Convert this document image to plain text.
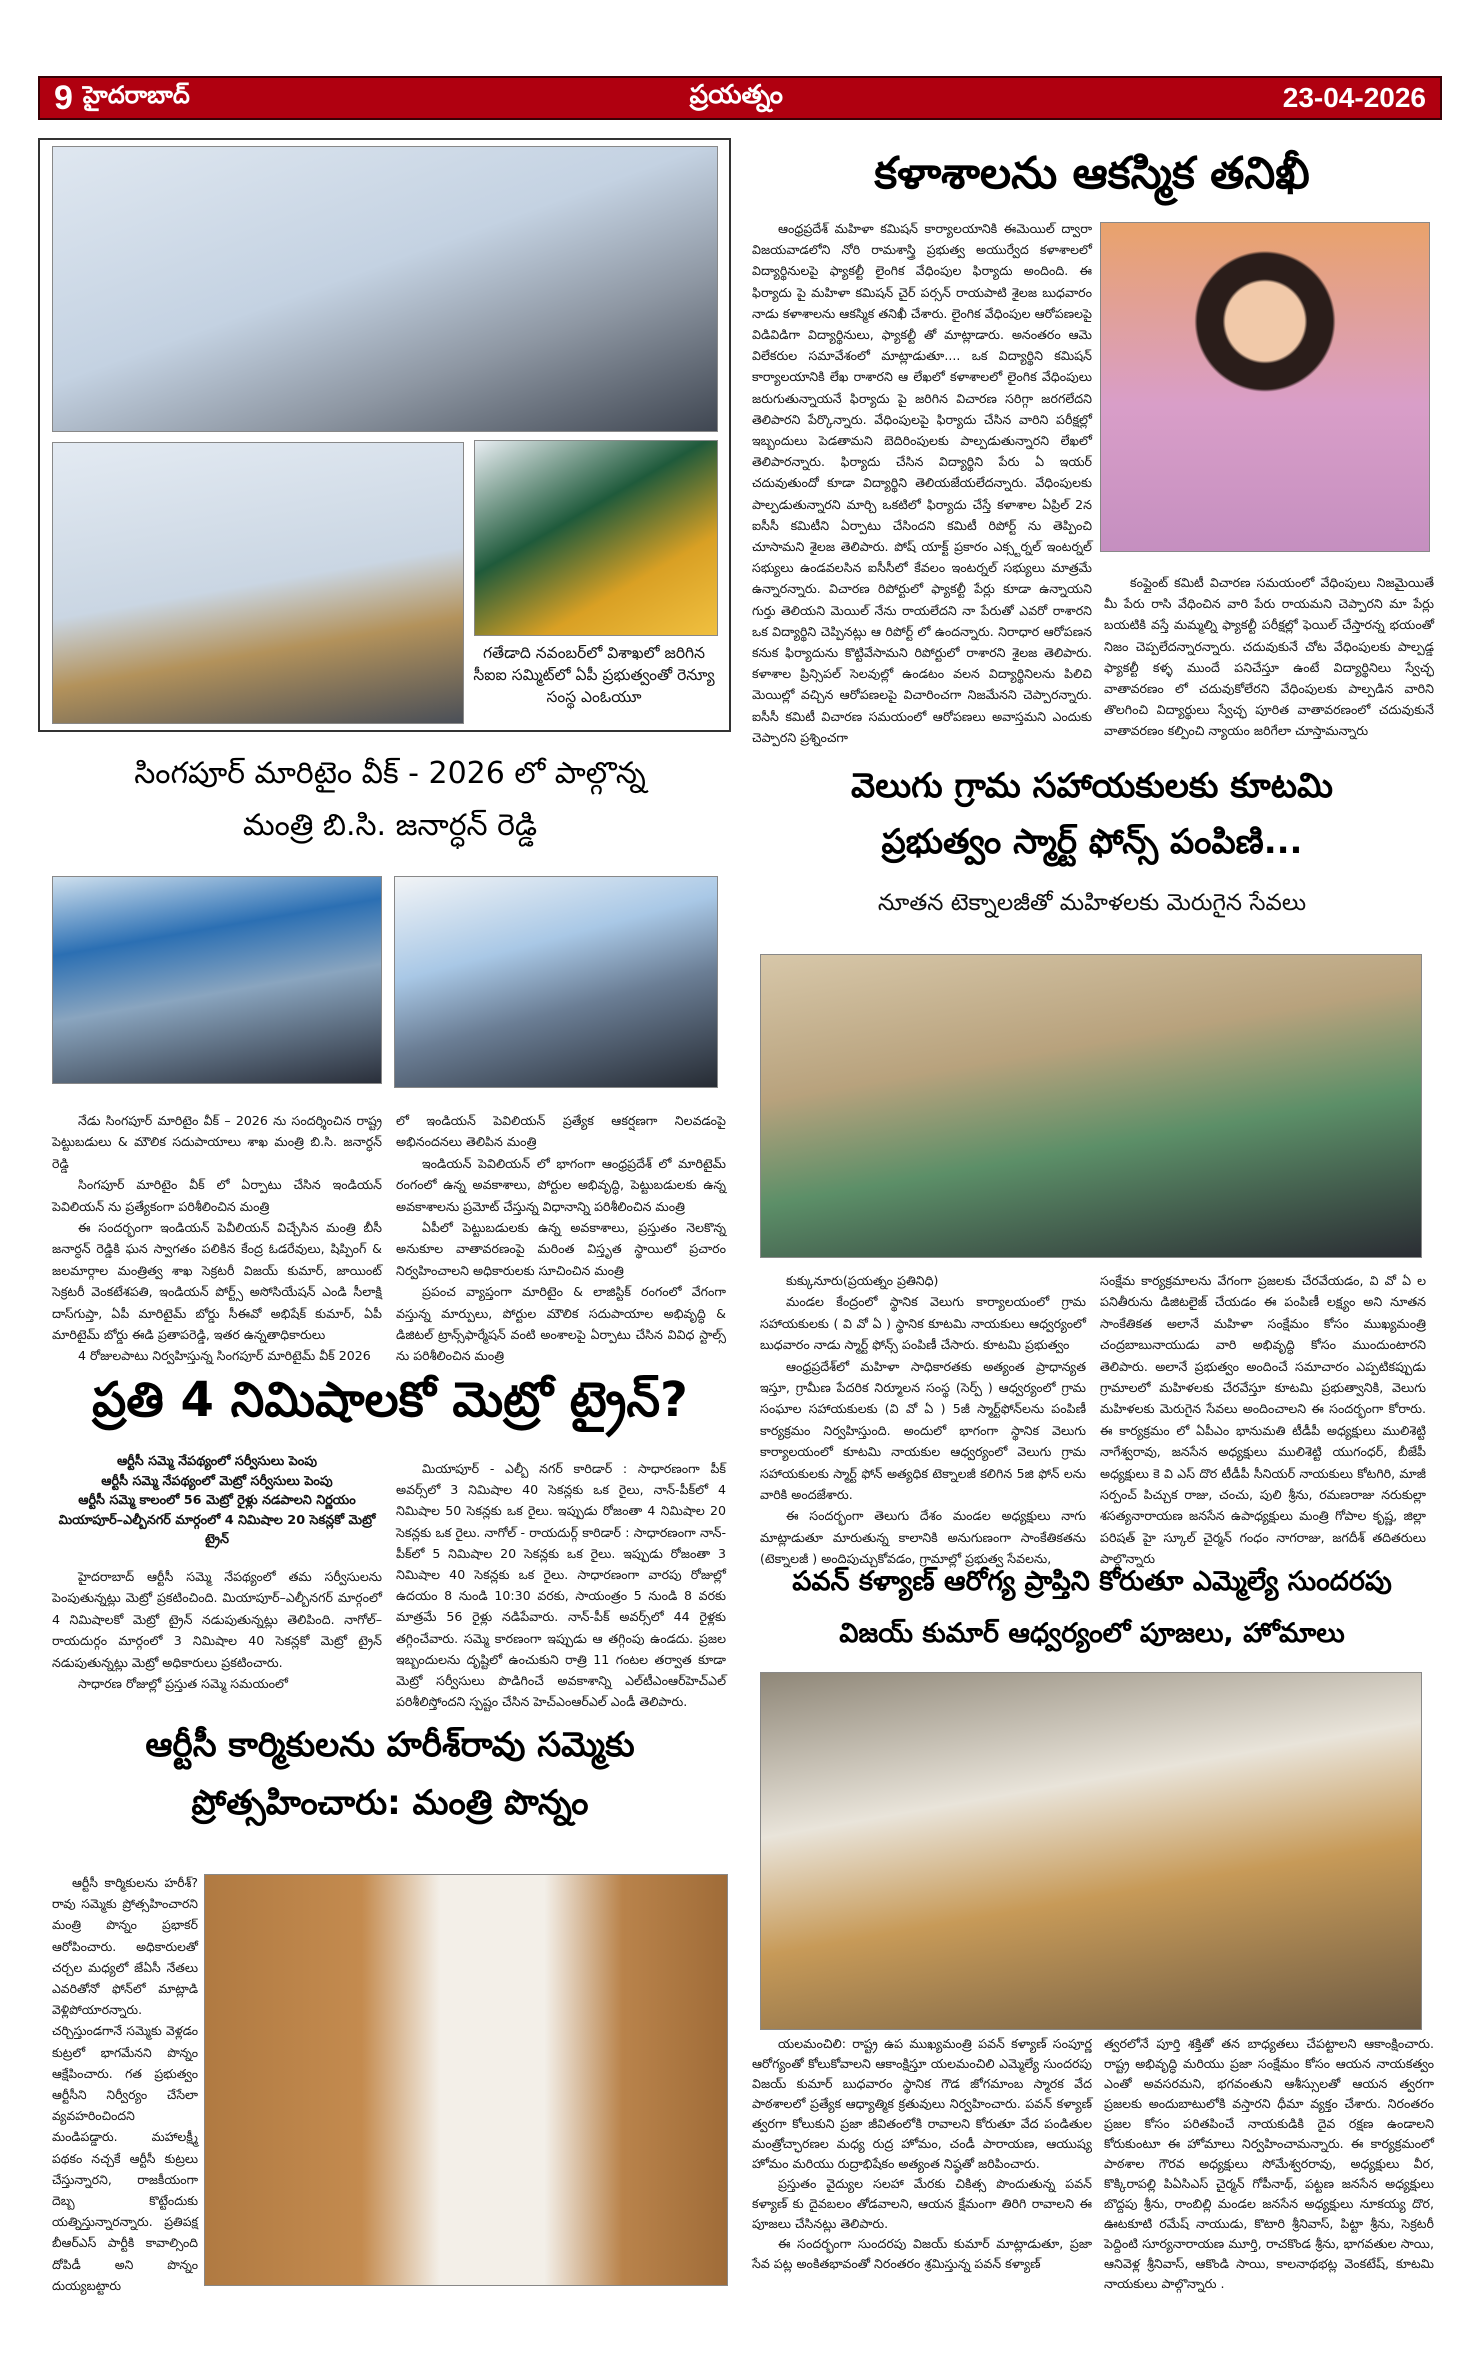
9 హైదరాబాద్	ప్రయత్నం	23-04-2026
గతేడాది నవంబర్‌లో విశాఖలో జరిగిన సీఐఐ సమ్మిట్‌లో ఏపీ ప్రభుత్వంతో రెన్యూ సంస్థ ఎంఓయూ
కళాశాలను ఆకస్మిక తనిఖీ
ఆంధ్రప్రదేశ్ మహిళా కమిషన్ కార్యాలయానికి ఈమెయిల్ ద్వారా విజయవాడలోని నోరి రామశాస్త్రి ప్రభుత్వ అయుర్వేద కళాశాలలో విద్యార్థినులపై ఫ్యాకల్టీ లైంగిక వేధింపుల ఫిర్యాదు అందింది. ఈ ఫిర్యాదు పై మహిళా కమిషన్ చైర్ పర్సన్ రాయపాటి శైలజ బుధవారం నాడు కళాశాలను ఆకస్మిక తనిఖీ చేశారు. లైంగిక వేధింపుల ఆరోపణలపై విడివిడిగా విద్యార్థినులు, ఫ్యాకల్టీ తో మాట్లాడారు. అనంతరం ఆమె విలేకరుల సమావేశంలో మాట్లాడుతూ.... ఒక విద్యార్థిని కమిషన్ కార్యాలయానికి లేఖ రాశారని ఆ లేఖలో కళాశాలలో లైంగిక వేధింపులు జరుగుతున్నాయనే ఫిర్యాదు పై జరిగిన విచారణ సరిగ్గా జరగలేదని తెలిపారని పేర్కొన్నారు. వేధింపులపై ఫిర్యాదు చేసిన వారిని పరీక్షల్లో ఇబ్బందులు పెడతామని బెదిరింపులకు పాల్పడుతున్నారని లేఖలో తెలిపారన్నారు. ఫిర్యాదు చేసిన విద్యార్థిని పేరు ఏ ఇయర్ చదువుతుందో కూడా విద్యార్థిని తెలియజేయలేదన్నారు. వేధింపులకు పాల్పడుతున్నారని మార్చి ఒకటిలో ఫిర్యాదు చేస్తే కళాశాల ఏప్రిల్ 2న ఐసీసీ కమిటీని ఏర్పాటు చేసిందని కమిటీ రిపోర్ట్ ను తెప్పించి చూసామని శైలజ తెలిపారు. పోష్ యాక్ట్ ప్రకారం ఎక్స్టర్నల్ ఇంటర్నల్ సభ్యులు ఉండవలసిన ఐసీసీలో కేవలం ఇంటర్నల్ సభ్యులు మాత్రమే ఉన్నారన్నారు. విచారణ రిపోర్టులో ఫ్యాకల్టీ పేర్లు కూడా ఉన్నాయని గుర్తు తెలియని మెయిల్ నేను రాయలేదని నా పేరుతో ఎవరో రాశారని ఒక విద్యార్థిని చెప్పినట్లు ఆ రిపోర్ట్ లో ఉందన్నారు. నిరాధార ఆరోపణన కనుక ఫిర్యాదును కొట్టివేసామని రిపోర్టులో రాశారని శైలజ తెలిపారు. కళాశాల ప్రిన్సిపల్ సెలవుల్లో ఉండటం వలన విద్యార్థినిలను పిలిచి మెయిల్లో వచ్చిన ఆరోపణలపై విచారించగా నిజమేనని చెప్పారన్నారు. ఐసీసీ కమిటీ విచారణ సమయంలో ఆరోపణలు అవాస్తమని ఎందుకు చెప్పారని ప్రశ్నించగా
కంప్లైంట్ కమిటీ విచారణ సమయంలో వేధింపులు నిజమైయితే మీ పేరు రాసి వేధించిన వారి పేరు రాయమని చెప్పారని మా పేర్లు బయటికి వస్తే మమ్మల్ని ఫ్యాకల్టీ పరీక్షల్లో ఫెయిల్ చేస్తారన్న భయంతో నిజం చెప్పలేదన్నారన్నారు. చదువుకునే చోట వేధింపులకు పాల్పడ్డ ఫ్యాకల్టీ కళ్ళ ముందే పనిచేస్తూ ఉంటే విద్యార్థినిలు స్వేచ్ఛ వాతావరణం లో చదువుకోలేరని వేధింపులకు పాల్పడిన వారిని తొలగించి విద్యార్థులు స్వేచ్ఛ పూరిత వాతావరణంలో చదువుకునే వాతావరణం కల్పించి న్యాయం జరిగేలా చూస్తామన్నారు
సింగపూర్ మారిటైం వీక్ - 2026 లో పాల్గొన్న
మంత్రి బి.సి. జనార్ధన్ రెడ్డి

నేడు సింగపూర్ మారిటైం వీక్ – 2026 ను సందర్శించిన రాష్ట్ర పెట్టుబడులు & మౌలిక సదుపాయాలు శాఖ మంత్రి బి.సి. జనార్ధన్ రెడ్డి

సింగపూర్ మారిటైం వీక్ లో ఏర్పాటు చేసిన ఇండియన్ పెవిలియన్ ను ప్రత్యేకంగా పరిశీలించిన మంత్రి

ఈ సందర్భంగా ఇండియన్ పెవీలియన్ విచ్చేసిన మంత్రి బీసీ జనార్ధన్ రెడ్డికి ఘన స్వాగతం పలికిన కేంద్ర ఓడరేవులు, షిప్పింగ్ & జలమార్గాల మంత్రిత్వ శాఖ సెక్రటరీ విజయ్ కుమార్, జాయింట్ సెక్రటరీ వెంకటేశపతి, ఇండియన్ పోర్ట్స్ అసోసియేషన్ ఎండి సీలాక్షి దాస్‌గుప్తా, ఏపీ మారిటైమ్ బోర్డు సీఈవో అభిషేక్ కుమార్, ఏపీ మారిటైమ్ బోర్డు ఈడి ప్రతాపరెడ్డి, ఇతర ఉన్నతాధికారులు

4 రోజులపాటు నిర్వహిస్తున్న సింగపూర్ మారిటైమ్ వీక్ 2026

లో ఇండియన్ పెవిలియన్ ప్రత్యేక ఆకర్షణగా నిలవడంపై అభినందనలు తెలిపిన మంత్రి

ఇండియన్ పెవిలియన్ లో భాగంగా ఆంధ్రప్రదేశ్ లో మారిటైమ్ రంగంలో ఉన్న అవకాశాలు, పోర్టుల అభివృద్ధి, పెట్టుబడులకు ఉన్న అవకాశాలను ప్రమోట్ చేస్తున్న విధానాన్ని పరిశీలించిన మంత్రి

ఏపీలో పెట్టుబడులకు ఉన్న అవకాశాలు, ప్రస్తుతం నెలకొన్న అనుకూల వాతావరణంపై మరింత విస్తృత స్థాయిలో ప్రచారం నిర్వహించాలని అధికారులకు సూచించిన మంత్రి

ప్రపంచ వ్యాప్తంగా మారిటైం & లాజిస్టిక్ రంగంలో వేగంగా వస్తున్న మార్పులు, పోర్టుల మౌలిక సదుపాయాల అభివృద్ధి & డిజిటల్ ట్రాన్స్‌ఫార్మేషన్ వంటి అంశాలపై ఏర్పాటు చేసిన వివిధ స్టాల్స్ ను పరిశీలించిన మంత్రి

ప్రతి 4 నిమిషాలకో మెట్రో ట్రైన్?
ఆర్టీసీ సమ్మె నేపథ్యంలో సర్వీసులు పెంపు
ఆర్టీసీ సమ్మె నేపథ్యంలో మెట్రో సర్వీసులు పెంపు
ఆర్టీసీ సమ్మె కాలంలో 56 మెట్రో రైళ్లు నడపాలని నిర్ణయం
మియాపూర్–ఎల్బీనగర్ మార్గంలో 4 నిమిషాల 20 సెకన్లకో మెట్రో ట్రైన్

హైదరాబాద్ ఆర్టీసీ సమ్మె నేపథ్యంలో తమ సర్వీసులను పెంపుతున్నట్లు మెట్రో ప్రకటించింది. మియాపూర్–ఎల్బీనగర్ మార్గంలో 4 నిమిషాలకో మెట్రో ట్రైన్ నడుపుతున్నట్లు తెలిపింది. నాగోల్–రాయదుర్గం మార్గంలో 3 నిమిషాల 40 సెకన్లకో మెట్రో ట్రైన్ నడుపుతున్నట్లు మెట్రో అధికారులు ప్రకటించారు.

సాధారణ రోజుల్లో ప్రస్తుత సమ్మె సమయంలో

మియాపూర్ - ఎల్బీ నగర్ కారిడార్ : సాధారణంగా పీక్ అవర్స్‌లో 3 నిమిషాల 40 సెకన్లకు ఒక రైలు, నాన్-పీక్‌లో 4 నిమిషాల 50 సెకన్లకు ఒక రైలు. ఇప్పుడు రోజంతా 4 నిమిషాల 20 సెకన్లకు ఒక రైలు. నాగోల్ - రాయదుర్గ్ కారిడార్ : సాధారణంగా నాన్-పీక్‌లో 5 నిమిషాల 20 సెకన్లకు ఒక రైలు. ఇప్పుడు రోజంతా 3 నిమిషాల 40 సెకన్లకు ఒక రైలు. సాధారణంగా వారపు రోజుల్లో ఉదయం 8 నుండి 10:30 వరకు, సాయంత్రం 5 నుండి 8 వరకు మాత్రమే 56 రైళ్లు నడిపేవారు. నాన్-పీక్ అవర్స్‌లో 44 రైళ్లకు తగ్గించేవారు. సమ్మె కారణంగా ఇప్పుడు ఆ తగ్గింపు ఉండదు. ప్రజల ఇబ్బందులను దృష్టిలో ఉంచుకుని రాత్రి 11 గంటల తర్వాత కూడా మెట్రో సర్వీసులు పొడిగించే అవకాశాన్ని ఎల్‌టీఎంఆర్‌హెచ్‌ఎల్ పరిశీలిస్తోందని స్పష్టం చేసిన హెచ్‌ఎంఆర్‌ఎల్ ఎండీ తెలిపారు.
ఆర్టీసీ కార్మికులను హరీశ్‌రావు సమ్మెకు
ప్రోత్సహించారు: మంత్రి పొన్నం
ఆర్టీసీ కార్మికులను హరీశ్?రావు సమ్మెకు ప్రోత్సహించారని మంత్రి పొన్నం ప్రభాకర్ ఆరోపించారు. అధికారులతో చర్చల మధ్యలో జేఏసీ నేతలు ఎవరితోనో ఫోన్‌లో మాట్లాడి వెళ్లిపోయారన్నారు. చర్చిస్తుండగానే సమ్మెకు వెళ్లడం కుట్రలో భాగమేనని పొన్నం ఆక్షేపించారు. గత ప్రభుత్వం ఆర్టీసీని నిర్వీర్యం చేసేలా వ్యవహరించిందని మండిపడ్డారు. మహాలక్ష్మీ పథకం నచ్చకే ఆర్టీసీ కుట్రలు చేస్తున్నారని, రాజకీయంగా దెబ్బ కొట్టేందుకు యత్నిస్తున్నారన్నారు. ప్రతిపక్ష బీఆర్ఎస్ పార్టీకి కావాల్సింది దోపిడీ అని పొన్నం దుయ్యబట్టారు
వెలుగు గ్రామ సహాయకులకు కూటమి
ప్రభుత్వం స్మార్ట్ ఫోన్స్ పంపిణి...
నూతన టెక్నాలజీతో మహిళలకు మెరుగైన సేవలు

కుక్కునూరు(ప్రయత్నం ప్రతినిధి)

మండల కేంద్రంలో స్థానిక వెలుగు కార్యాలయంలో గ్రామ సహాయకులకు ( వి వో ఏ ) స్థానిక కూటమి నాయకులు ఆధ్వర్యంలో బుధవారం నాడు స్మార్ట్ ఫోన్స్ పంపిణీ చేసారు. కూటమి ప్రభుత్వం

ఆంధ్రప్రదేశ్‌లో మహిళా సాధికారతకు అత్యంత ప్రాధాన్యత ఇస్తూ, గ్రామీణ పేదరిక నిర్మూలన సంస్థ (సెర్ప్ ) ఆధ్వర్యంలో గ్రామ సంఘాల సహాయకులకు (వి వో ఏ ) 5జీ స్మార్ట్‌ఫోన్‌లను పంపిణీ కార్యక్రమం నిర్వహిస్తుంది. అందులో భాగంగా స్థానిక వెలుగు కార్యాలయంలో కూటమి నాయకుల ఆధ్వర్యంలో వెలుగు గ్రామ సహాయకులకు స్మార్ట్ ఫోన్ అత్యధిక టెక్నాలజీ కలిగిన 5జి ఫోన్ లను వారికి అందజేశారు.

ఈ సందర్భంగా తెలుగు దేశం మండల అధ్యక్షులు నాగు మాట్లాడుతూ మారుతున్న కాలానికి అనుగుణంగా సాంకేతికతను (టెక్నాలజీ ) అందిపుచ్చుకోవడం, గ్రామాల్లో ప్రభుత్వ సేవలను,

సంక్షేమ కార్యక్రమాలను వేగంగా ప్రజలకు చేరవేయడం, వి వో ఏ ల పనితీరును డిజిటలైజ్ చేయడం ఈ పంపిణీ లక్ష్యం అని నూతన సాంకేతికత అలానే మహిళా సంక్షేమం కోసం ముఖ్యమంత్రి చంద్రబాబునాయుడు వారి అభివృద్ధి కోసం ముందుంటారని తెలిపారు. అలానే ప్రభుత్వం అందించే సమాచారం ఎప్పటికప్పుడు గ్రామాలలో మహిళలకు చేరవేస్తూ కూటమి ప్రభుత్వానికి, వెలుగు మహిళలకు మెరుగైన సేవలు అందించాలని ఈ సందర్భంగా కోరారు. ఈ కార్యక్రమం లో ఏపీఎం భానుమతి టీడీపీ అధ్యక్షులు ములిశెట్టి నాగేశ్వరావు, జనసేన అధ్యక్షులు ములిశెట్టి యుగంధర్, బీజేపీ అధ్యక్షులు కె వి ఎస్ దొర టీడీపీ సీనియర్ నాయకులు కోటగిరి, మాజీ సర్పంచ్ పిచ్చుక రాజు, చంచు, పులి శ్రీను, రమణరాజు నరుకుల్లా శసత్యనారాయణ జనసేన ఉపాధ్యక్షులు మంత్రి గోపాల కృష్ణ, జిల్లా పరిషత్ హై స్కూల్ చైర్మన్ గంధం నాగరాజు, జగదీశ్ తదితరులు పాల్గొన్నారు
పవన్ కళ్యాణ్ ఆరోగ్య ప్రాప్తిని కోరుతూ ఎమ్మెల్యే సుందరపు
విజయ్ కుమార్ ఆధ్వర్యంలో పూజలు, హోమాలు

యలమంచిలి: రాష్ట్ర ఉప ముఖ్యమంత్రి పవన్ కళ్యాణ్ సంపూర్ణ ఆరోగ్యంతో కోలుకోవాలని ఆకాంక్షిస్తూ యలమంచిలి ఎమ్మెల్యే సుందరపు విజయ్ కుమార్ బుధవారం స్థానిక గౌడ జోగమాంబ స్మారక వేద పాఠశాలలో ప్రత్యేక ఆధ్యాత్మిక క్రతువులు నిర్వహించారు. పవన్ కళ్యాణ్ త్వరగా కోలుకుని ప్రజా జీవితంలోకి రావాలని కోరుతూ వేద పండితుల మంత్రోచ్ఛారణల మధ్య రుద్ర హోమం, చండీ పారాయణ, ఆయుష్య హోమం మరియు రుద్రాభిషేకం అత్యంత నిష్ఠతో జరిపించారు.

ప్రస్తుతం వైద్యుల సలహా మేరకు చికిత్స పొందుతున్న పవన్ కళ్యాణ్ కు దైవబలం తోడవాలని, ఆయన క్షేమంగా తిరిగి రావాలని ఈ పూజలు చేసినట్లు తెలిపారు.

ఈ సందర్భంగా సుందరపు విజయ్ కుమార్ మాట్లాడుతూ, ప్రజా సేవ పట్ల అంకితభావంతో నిరంతరం శ్రమిస్తున్న పవన్ కళ్యాణ్

త్వరలోనే పూర్తి శక్తితో తన బాధ్యతలు చేపట్టాలని ఆకాంక్షించారు. రాష్ట్ర అభివృద్ధి మరియు ప్రజా సంక్షేమం కోసం ఆయన నాయకత్వం ఎంతో అవసరమని, భగవంతుని ఆశీస్సులతో ఆయన త్వరగా ప్రజలకు అందుబాటులోకి వస్తారని ధీమా వ్యక్తం చేశారు. నిరంతరం ప్రజల కోసం పరితపించే నాయకుడికి దైవ రక్షణ ఉండాలని కోరుకుంటూ ఈ హోమాలు నిర్వహించామన్నారు. ఈ కార్యక్రమంలో పాఠశాల గౌరవ అధ్యక్షులు సోమేశ్వరరావు, అధ్యక్షులు వీర, కొక్కిరాపల్లి పిఏసిఎస్ చైర్మన్ గోపీనాథ్, పట్టణ జనసేన అధ్యక్షులు బొద్దపు శ్రీను, రాంబిల్లి మండల జనసేన అధ్యక్షులు నూకయ్య దొర, ఊటకూటి రమేష్ నాయుడు, కొటారి శ్రీనివాస్, పిట్టా శ్రీను, సెక్రటరీ పెద్దింటి సూర్యనారాయణ మూర్తి, రాచకొండ శ్రీను, భాగవతుల సాయి, ఆనివెళ్ల శ్రీనివాస్, ఆకొండి సాయి, కాలనాథభట్ల వెంకటేష్, కూటమి నాయకులు పాల్గొన్నారు .
